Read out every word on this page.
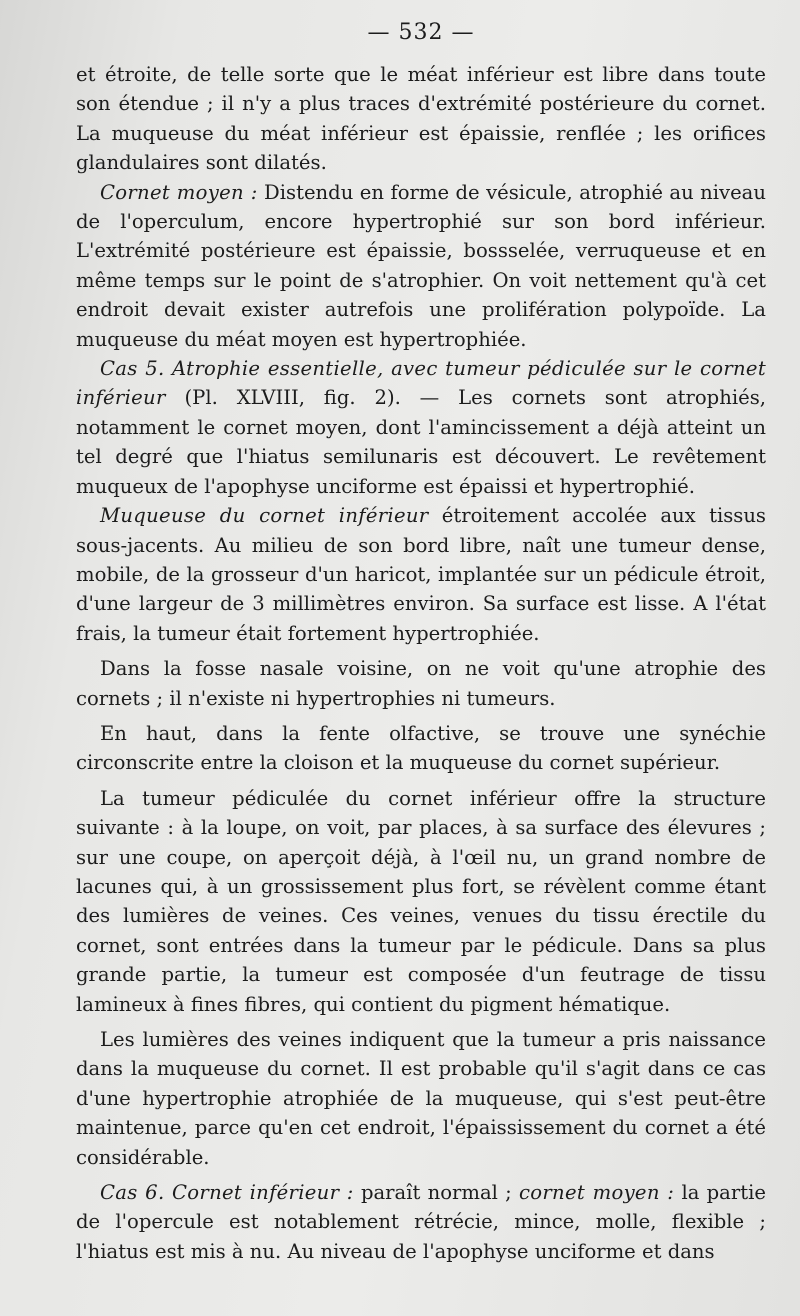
— 532 —

et étroite, de telle sorte que le méat inférieur est libre dans toute son étendue ; il n'y a plus traces d'extrémité postérieure du cornet. La muqueuse du méat inférieur est épaissie, renflée ; les orifices glandulaires sont dilatés.

Cornet moyen : Distendu en forme de vésicule, atrophié au niveau de l'operculum, encore hypertrophié sur son bord inférieur. L'extrémité postérieure est épaissie, bossselée, verruqueuse et en même temps sur le point de s'atrophier. On voit nettement qu'à cet endroit devait exister autrefois une prolifération polypoïde. La muqueuse du méat moyen est hypertrophiée.

Cas 5. Atrophie essentielle, avec tumeur pédiculée sur le cornet inférieur (Pl. XLVIII, fig. 2). — Les cornets sont atrophiés, notamment le cornet moyen, dont l'amincissement a déjà atteint un tel degré que l'hiatus semilunaris est découvert. Le revêtement muqueux de l'apophyse unciforme est épaissi et hypertrophié.

Muqueuse du cornet inférieur étroitement accolée aux tissus sous-jacents. Au milieu de son bord libre, naît une tumeur dense, mobile, de la grosseur d'un haricot, implantée sur un pédicule étroit, d'une largeur de 3 millimètres environ. Sa surface est lisse. A l'état frais, la tumeur était fortement hypertrophiée.

Dans la fosse nasale voisine, on ne voit qu'une atrophie des cornets ; il n'existe ni hypertrophies ni tumeurs.

En haut, dans la fente olfactive, se trouve une synéchie circonscrite entre la cloison et la muqueuse du cornet supérieur.

La tumeur pédiculée du cornet inférieur offre la structure suivante : à la loupe, on voit, par places, à sa surface des élevures ; sur une coupe, on aperçoit déjà, à l'œil nu, un grand nombre de lacunes qui, à un grossissement plus fort, se révèlent comme étant des lumières de veines. Ces veines, venues du tissu érectile du cornet, sont entrées dans la tumeur par le pédicule. Dans sa plus grande partie, la tumeur est composée d'un feutrage de tissu lamineux à fines fibres, qui contient du pigment hématique.

Les lumières des veines indiquent que la tumeur a pris naissance dans la muqueuse du cornet. Il est probable qu'il s'agit dans ce cas d'une hypertrophie atrophiée de la muqueuse, qui s'est peut-être maintenue, parce qu'en cet endroit, l'épaississement du cornet a été considérable.

Cas 6. Cornet inférieur : paraît normal ; cornet moyen : la partie de l'opercule est notablement rétrécie, mince, molle, flexible ; l'hiatus est mis à nu. Au niveau de l'apophyse unciforme et dans
